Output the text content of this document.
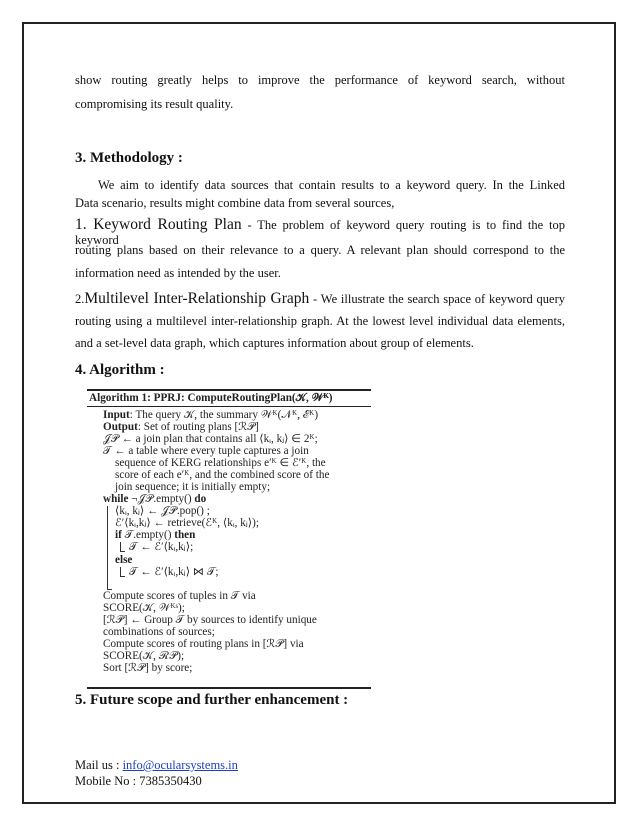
show routing greatly helps to improve the performance of keyword search, without

compromising its result quality.

3. Methodology :

We aim to identify data sources that contain results to a keyword query. In the Linked

Data scenario, results might combine data from several sources,

1. Keyword Routing Plan - The problem of keyword query routing is to find the top keyword

routing plans based on their relevance to a query. A relevant plan should correspond to the

information need as intended by the user.

2.Multilevel Inter-Relationship Graph - We illustrate the search space of keyword query

routing using a multilevel inter-relationship graph. At the lowest level individual data elements,

and a set-level data graph, which captures information about group of elements.

4. Algorithm :
Algorithm 1: PPRJ: ComputeRoutingPlan(𝒦, 𝒲ᴷ)
Input: The query 𝒦, the summary 𝒲ᴷ(𝒩ᴷ, ℰᴷ)
Output: Set of routing plans [ℛ𝒫]
𝒥𝒫 ← a join plan that contains all ⟨kᵢ, kⱼ⟩ ∈ 2ᴷ;
𝒯 ← a table where every tuple captures a join
sequence of KERG relationships e′ᴷ ∈ ℰ′ᴷ, the
score of each e′ᴷ, and the combined score of the
join sequence; it is initially empty;
while ¬𝒥𝒫.empty() do
⟨kᵢ, kⱼ⟩ ← 𝒥𝒫.pop() ;
ℰ′⟨kᵢ,kⱼ⟩ ← retrieve(ℰᴷ, ⟨kᵢ, kⱼ⟩);
if 𝒯.empty() then
𝒯 ← ℰ′⟨kᵢ,kⱼ⟩;
else
𝒯 ← ℰ′⟨kᵢ,kⱼ⟩ ⋈ 𝒯;
Compute scores of tuples in 𝒯 via
SCORE(𝒦, 𝒲ᴷˢ);
[ℛ𝒫] ← Group 𝒯 by sources to identify unique
combinations of sources;
Compute scores of routing plans in [ℛ𝒫] via
SCORE(𝒦, ℛ𝒫);
Sort [ℛ𝒫] by score;
5. Future scope and further enhancement :

Mail us : info@ocularsystems.in

Mobile No : 7385350430
